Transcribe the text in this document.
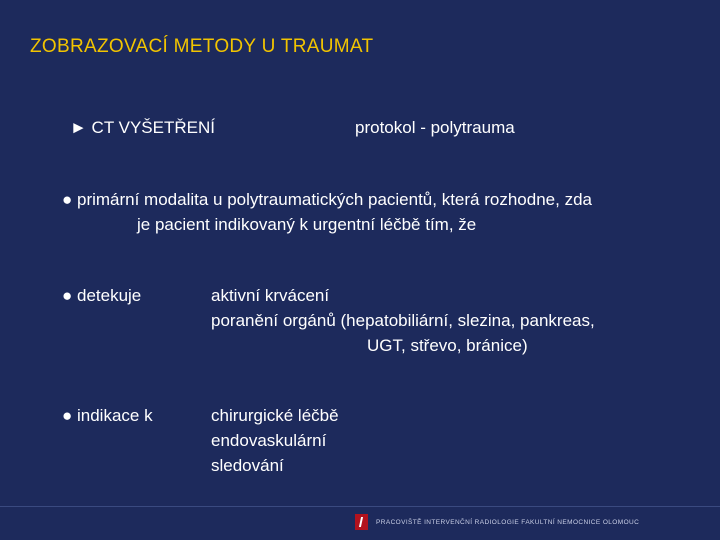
ZOBRAZOVACÍ METODY U TRAUMAT
► CT VYŠETŘENÍ	protokol - polytrauma
● primární modalita u polytraumatických pacientů, která rozhodne, zda
je pacient indikovaný k urgentní léčbě tím, že
● detekuje	aktivní krvácení
poranění orgánů (hepatobiliární, slezina, pankreas,
UGT, střevo, bránice)
● indikace k	chirurgické léčbě
endovaskulární
sledování
PRACOVIŠTĚ INTERVENČNÍ RADIOLOGIE FAKULTNÍ NEMOCNICE OLOMOUC
